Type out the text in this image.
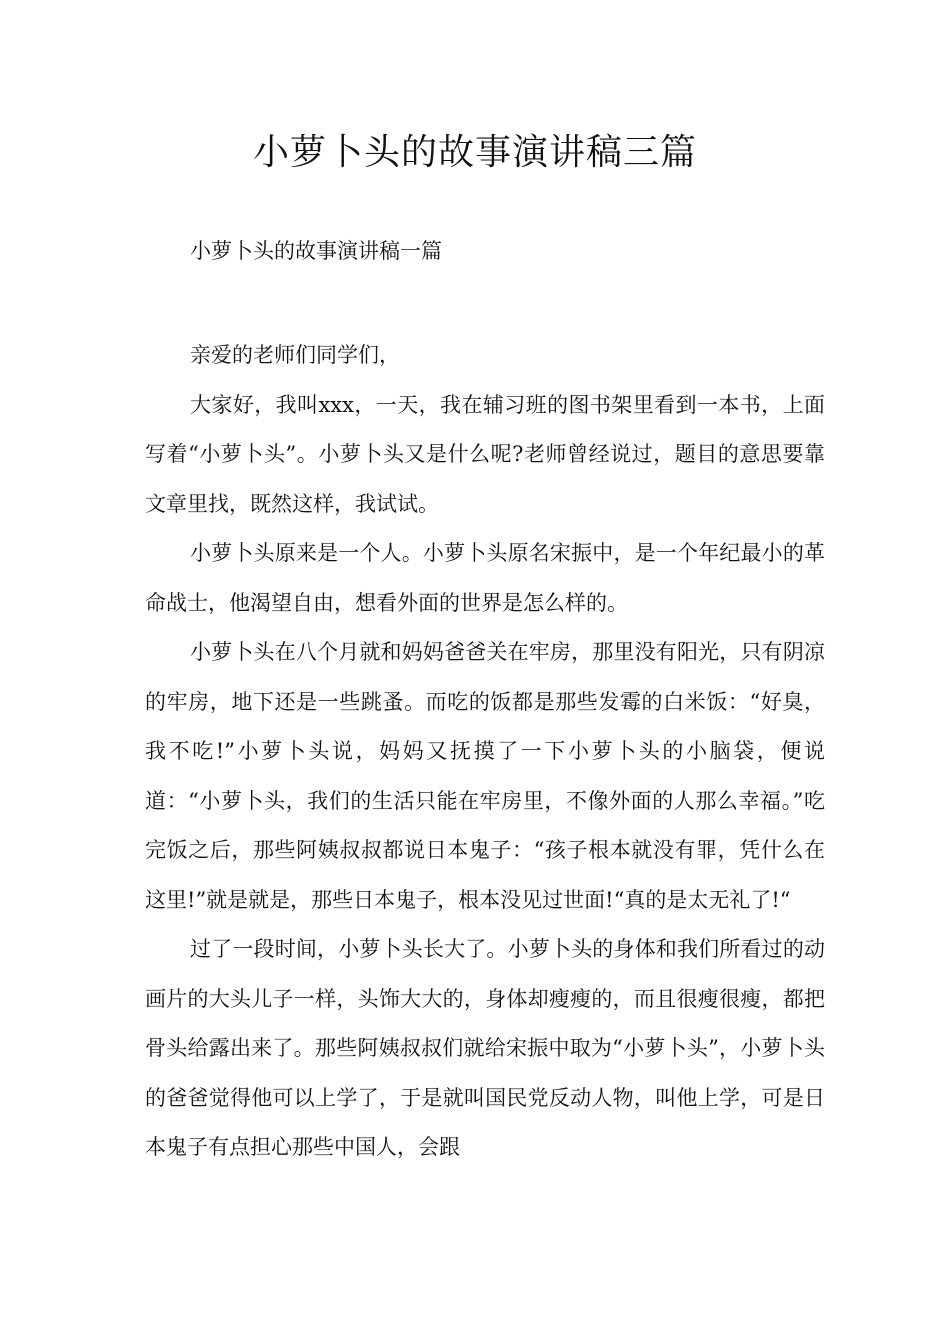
小萝卜头的故事演讲稿三篇
小萝卜头的故事演讲稿一篇

亲爱的老师们同学们，

大家好，我叫xxx，一天，我在辅习班的图书架里看到一本书，上面写着“小萝卜头”。小萝卜头又是什么呢?老师曾经说过，题目的意思要靠文章里找，既然这样，我试试。

小萝卜头原来是一个人。小萝卜头原名宋振中，是一个年纪最小的革命战士，他渴望自由，想看外面的世界是怎么样的。

小萝卜头在八个月就和妈妈爸爸关在牢房，那里没有阳光，只有阴凉的牢房，地下还是一些跳蚤。而吃的饭都是那些发霉的白米饭：“好臭，我不吃!”小萝卜头说，妈妈又抚摸了一下小萝卜头的小脑袋，便说道：“小萝卜头，我们的生活只能在牢房里，不像外面的人那么幸福。”吃完饭之后，那些阿姨叔叔都说日本鬼子：“孩子根本就没有罪，凭什么在这里!”就是就是，那些日本鬼子，根本没见过世面!“真的是太无礼了!“

过了一段时间，小萝卜头长大了。小萝卜头的身体和我们所看过的动画片的大头儿子一样，头饰大大的，身体却瘦瘦的，而且很瘦很瘦，都把骨头给露出来了。那些阿姨叔叔们就给宋振中取为“小萝卜头”，小萝卜头的爸爸觉得他可以上学了，于是就叫国民党反动人物，叫他上学，可是日本鬼子有点担心那些中国人，会跟
